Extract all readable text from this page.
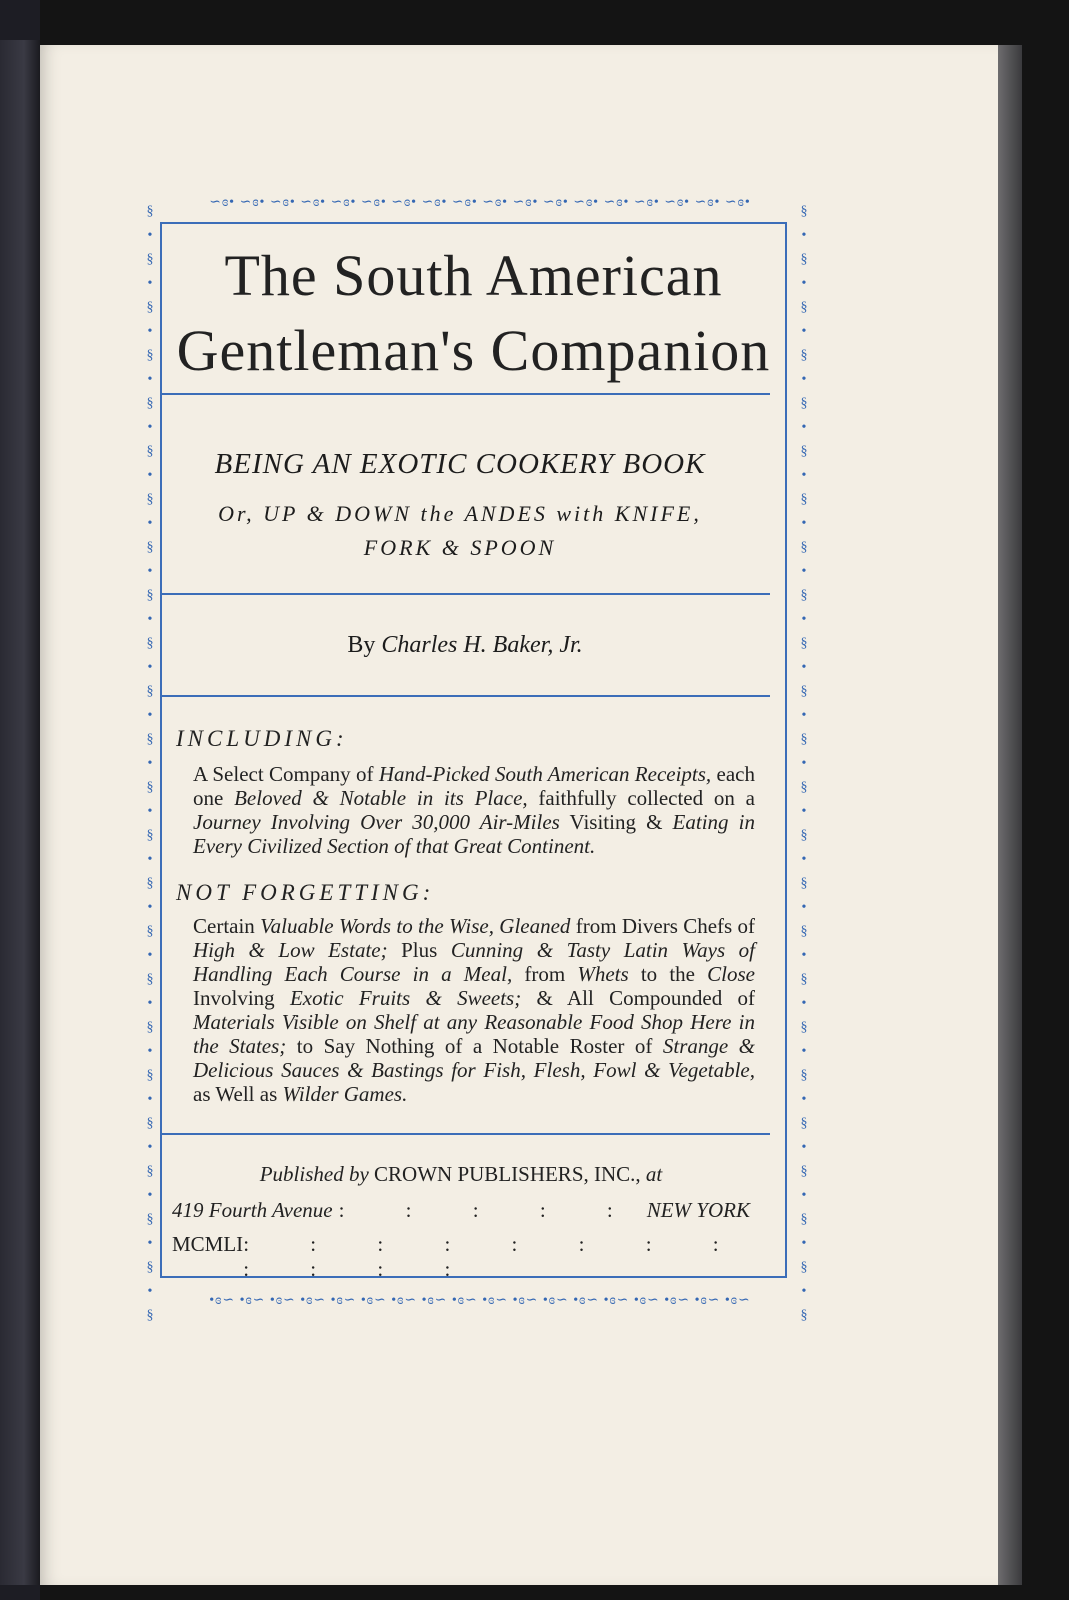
∽ɞ• ∽ɞ• ∽ɞ• ∽ɞ• ∽ɞ• ∽ɞ• ∽ɞ• ∽ɞ• ∽ɞ• ∽ɞ• ∽ɞ• ∽ɞ• ∽ɞ• ∽ɞ• ∽ɞ• ∽ɞ• ∽ɞ• ∽ɞ•
•ɞ∽ •ɞ∽ •ɞ∽ •ɞ∽ •ɞ∽ •ɞ∽ •ɞ∽ •ɞ∽ •ɞ∽ •ɞ∽ •ɞ∽ •ɞ∽ •ɞ∽ •ɞ∽ •ɞ∽ •ɞ∽ •ɞ∽ •ɞ∽
§
•
§
•
§
•
§
•
§
•
§
•
§
•
§
•
§
•
§
•
§
•
§
•
§
•
§
•
§
•
§
•
§
•
§
•
§
•
§
•
§
•
§
•
§
•
§
§
•
§
•
§
•
§
•
§
•
§
•
§
•
§
•
§
•
§
•
§
•
§
•
§
•
§
•
§
•
§
•
§
•
§
•
§
•
§
•
§
•
§
•
§
•
§
The South American
Gentleman's Companion
BEING AN EXOTIC COOKERY BOOK
Or, UP & DOWN the ANDES with KNIFE,
FORK & SPOON
By Charles H. Baker, Jr.
INCLUDING:
A Select Company of Hand-Picked South American Receipts, each one Beloved & Notable in its Place, faithfully collected on a Journey Involving Over 30,000 Air-Miles Visiting & Eating in Every Civilized Section of that Great Continent.
NOT FORGETTING:
Certain Valuable Words to the Wise, Gleaned from Divers Chefs of High & Low Estate; Plus Cunning & Tasty Latin Ways of Handling Each Course in a Meal, from Whets to the Close Involving Exotic Fruits & Sweets; & All Compounded of Materials Visible on Shelf at any Reasonable Food Shop Here in the States; to Say Nothing of a Notable Roster of Strange & Delicious Sauces & Bastings for Fish, Flesh, Fowl & Vegetable, as Well as Wilder Games.
Published by CROWN PUBLISHERS, INC., at
419 Fourth Avenue : : : : : NEW YORK
MCMLI : : : : : : : : : : : :
